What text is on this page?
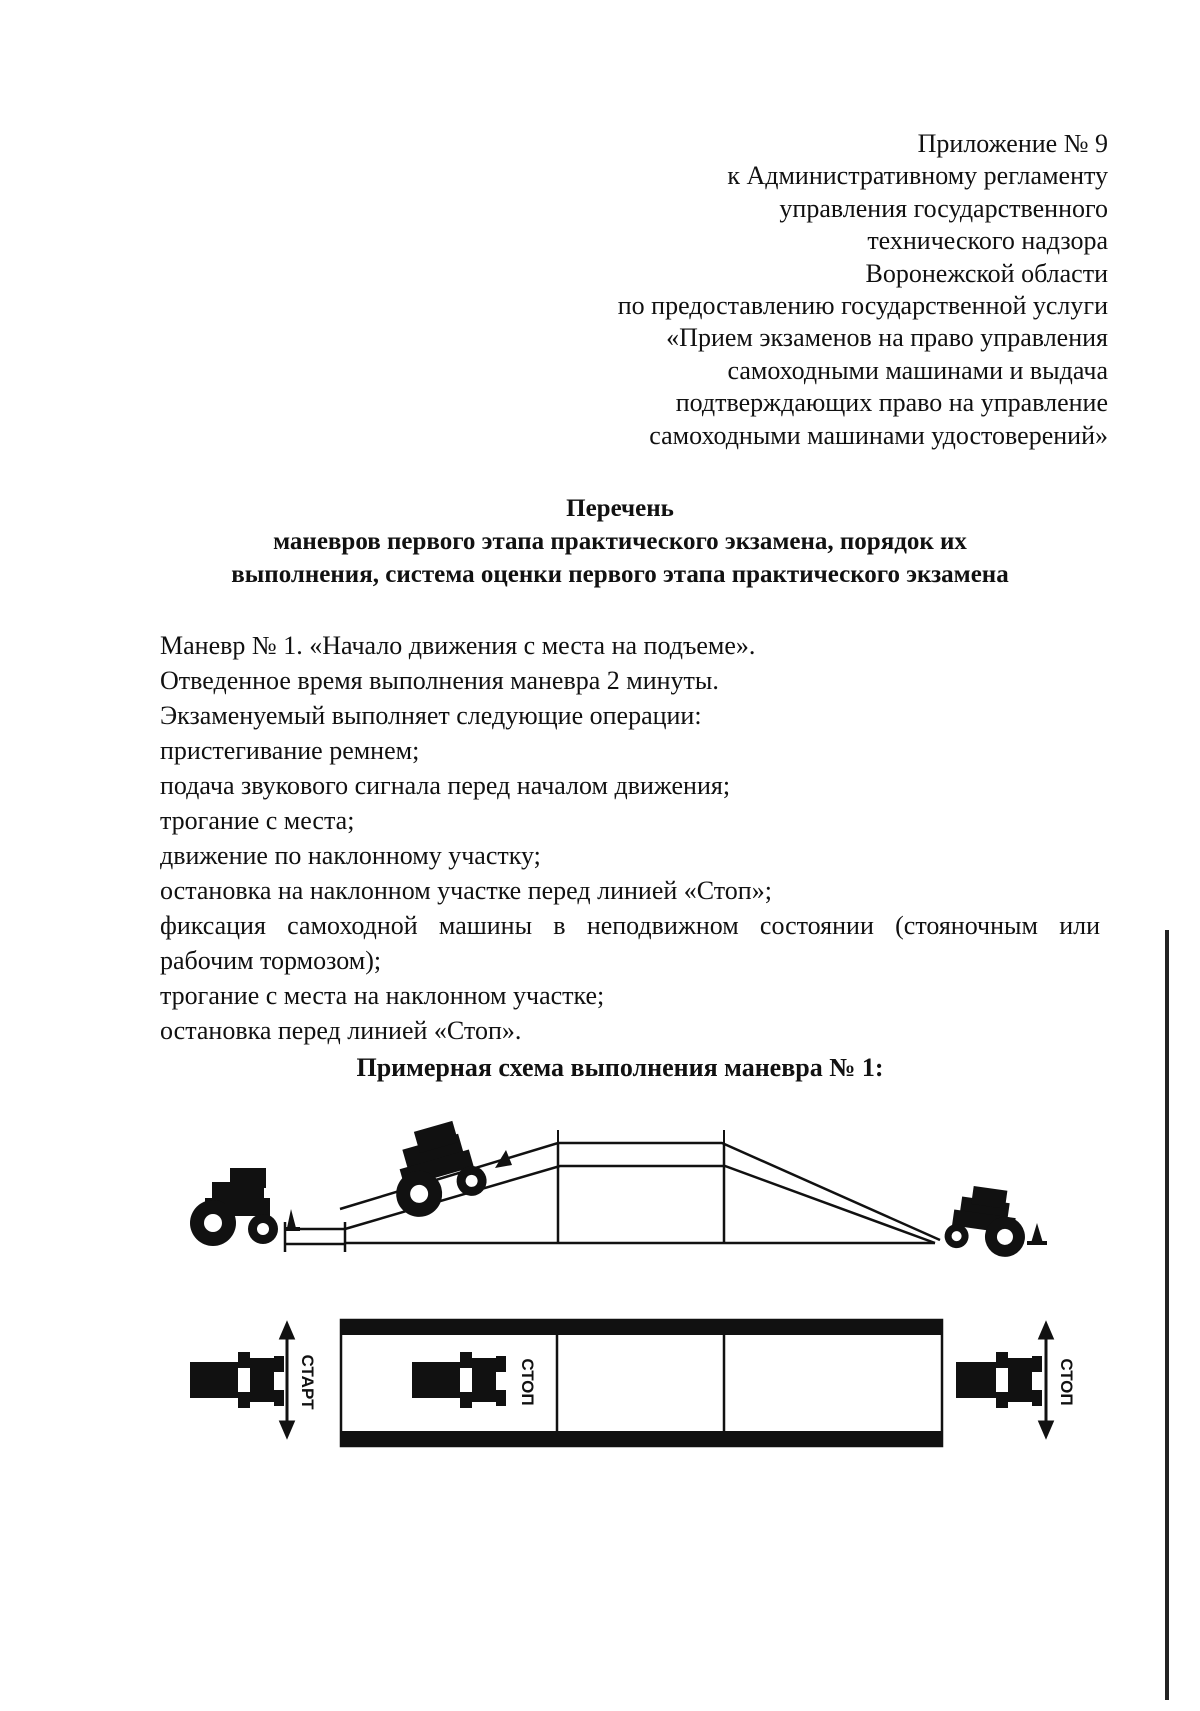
Приложение № 9
к Административному регламенту
управления государственного
технического надзора
Воронежской области
по предоставлению государственной услуги
«Прием экзаменов на право управления
самоходными машинами и выдача
подтверждающих право на управление
самоходными машинами удостоверений»
Перечень
маневров первого этапа практического экзамена, порядок их
выполнения, система оценки первого этапа практического экзамена

Маневр № 1. «Начало движения с места на подъеме».

Отведенное время выполнения маневра 2 минуты.

Экзаменуемый выполняет следующие операции:

пристегивание ремнем;

подача звукового сигнала перед началом движения;

трогание с места;

движение по наклонному участку;

остановка на наклонном участке перед линией «Стоп»;

фиксация самоходной машины в неподвижном состоянии (стояночным или

рабочим тормозом);

трогание с места на наклонном участке;

остановка перед линией «Стоп».

Примерная схема выполнения маневра № 1:
СТАРТ	СТОП	СТОП
